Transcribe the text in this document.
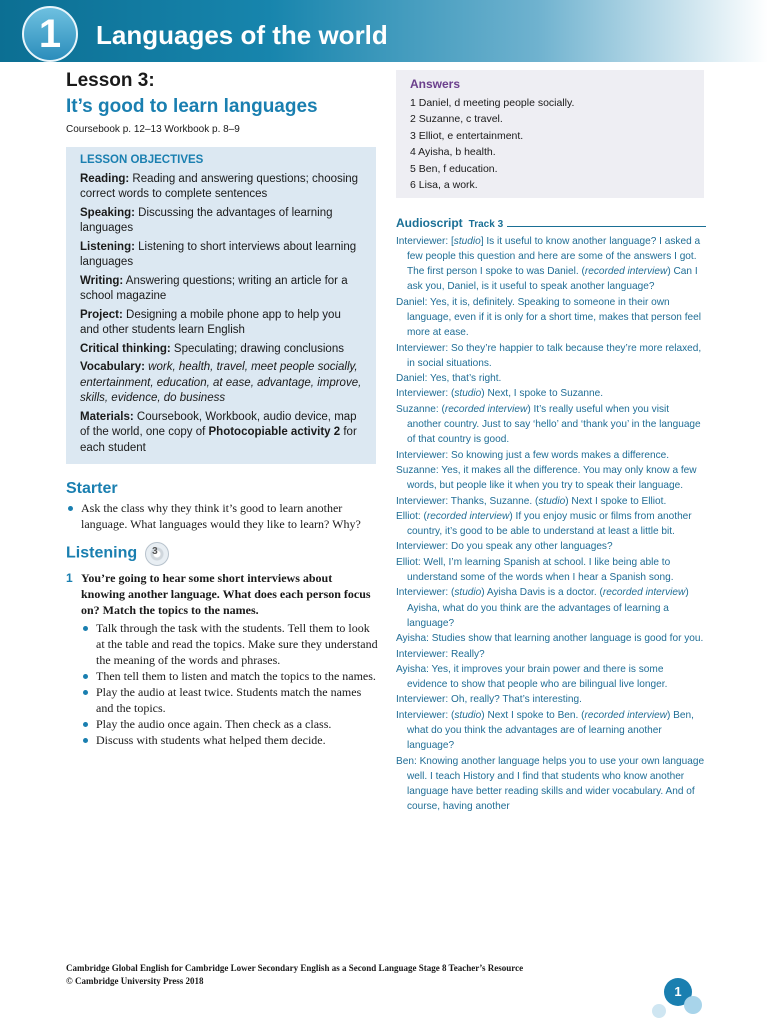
1	Languages of the world
Lesson 3:
It’s good to learn languages
Coursebook p. 12–13 Workbook p. 8–9
LESSON OBJECTIVES
Reading: Reading and answering questions; choosing correct words to complete sentences
Speaking: Discussing the advantages of learning languages
Listening: Listening to short interviews about learning languages
Writing: Answering questions; writing an article for a school magazine
Project: Designing a mobile phone app to help you and other students learn English
Critical thinking: Speculating; drawing conclusions
Vocabulary: work, health, travel, meet people socially, entertainment, education, at ease, advantage, improve, skills, evidence, do business
Materials: Coursebook, Workbook, audio device, map of the world, one copy of Photocopiable activity 2 for each student
Starter
Ask the class why they think it’s good to learn another language. What languages would they like to learn? Why?
Listening 3
1 You’re going to hear some short interviews about knowing another language. What does each person focus on? Match the topics to the names.
Talk through the task with the students. Tell them to look at the table and read the topics. Make sure they understand the meaning of the words and phrases.
Then tell them to listen and match the topics to the names.
Play the audio at least twice. Students match the names and the topics.
Play the audio once again. Then check as a class.
Discuss with students what helped them decide.
Answers
1 Daniel, d meeting people socially.
2 Suzanne, c travel.
3 Elliot, e entertainment.
4 Ayisha, b health.
5 Ben, f education.
6 Lisa, a work.
Audioscript Track 3
Interviewer: [studio] Is it useful to know another language? I asked a few people this question and here are some of the answers I got. The first person I spoke to was Daniel. (recorded interview) Can I ask you, Daniel, is it useful to speak another language?
Daniel: Yes, it is, definitely. Speaking to someone in their own language, even if it is only for a short time, makes that person feel more at ease.
Interviewer: So they’re happier to talk because they’re more relaxed, in social situations.
Daniel: Yes, that’s right.
Interviewer: (studio) Next, I spoke to Suzanne.
Suzanne: (recorded interview) It’s really useful when you visit another country. Just to say ‘hello’ and ‘thank you’ in the language of that country is good.
Interviewer: So knowing just a few words makes a difference.
Suzanne: Yes, it makes all the difference. You may only know a few words, but people like it when you try to speak their language.
Interviewer: Thanks, Suzanne. (studio) Next I spoke to Elliot.
Elliot: (recorded interview) If you enjoy music or films from another country, it’s good to be able to understand at least a little bit.
Interviewer: Do you speak any other languages?
Elliot: Well, I’m learning Spanish at school. I like being able to understand some of the words when I hear a Spanish song.
Interviewer: (studio) Ayisha Davis is a doctor. (recorded interview) Ayisha, what do you think are the advantages of learning a language?
Ayisha: Studies show that learning another language is good for you.
Interviewer: Really?
Ayisha: Yes, it improves your brain power and there is some evidence to show that people who are bilingual live longer.
Interviewer: Oh, really? That’s interesting.
Interviewer: (studio) Next I spoke to Ben. (recorded interview) Ben, what do you think the advantages are of learning another language?
Ben: Knowing another language helps you to use your own language well. I teach History and I find that students who know another language have better reading skills and wider vocabulary. And of course, having another
Cambridge Global English for Cambridge Lower Secondary English as a Second Language Stage 8 Teacher’s Resource
© Cambridge University Press 2018
1
